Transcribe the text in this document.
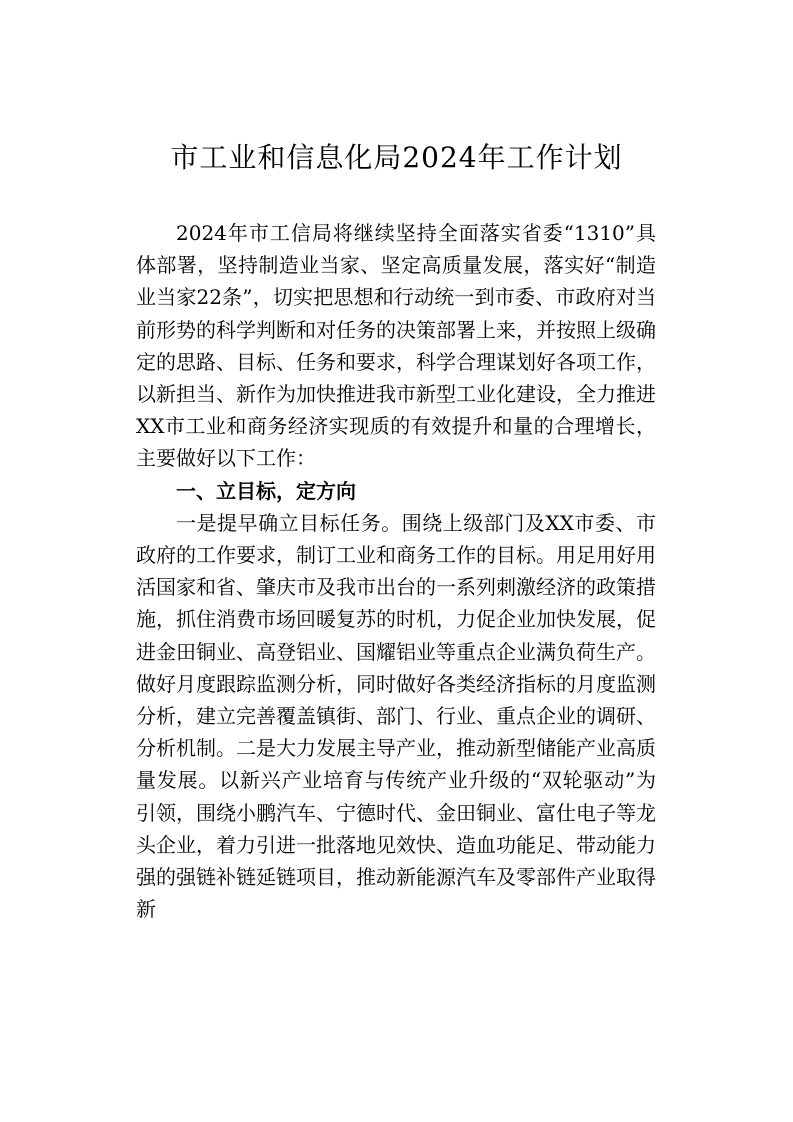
市工业和信息化局2024年工作计划

2024年市工信局将继续坚持全面落实省委“1310”具体部署，坚持制造业当家、坚定高质量发展，落实好“制造业当家22条”，切实把思想和行动统一到市委、市政府对当前形势的科学判断和对任务的决策部署上来，并按照上级确定的思路、目标、任务和要求，科学合理谋划好各项工作，以新担当、新作为加快推进我市新型工业化建设，全力推进XX市工业和商务经济实现质的有效提升和量的合理增长，主要做好以下工作：

一、立目标，定方向

一是提早确立目标任务。围绕上级部门及XX市委、市政府的工作要求，制订工业和商务工作的目标。用足用好用活国家和省、肇庆市及我市出台的一系列刺激经济的政策措施，抓住消费市场回暖复苏的时机，力促企业加快发展，促进金田铜业、高登铝业、国耀铝业等重点企业满负荷生产。做好月度跟踪监测分析，同时做好各类经济指标的月度监测分析，建立完善覆盖镇街、部门、行业、重点企业的调研、分析机制。二是大力发展主导产业，推动新型储能产业高质量发展。以新兴产业培育与传统产业升级的“双轮驱动”为引领，围绕小鹏汽车、宁德时代、金田铜业、富仕电子等龙头企业，着力引进一批落地见效快、造血功能足、带动能力强的强链补链延链项目，推动新能源汽车及零部件产业取得新
